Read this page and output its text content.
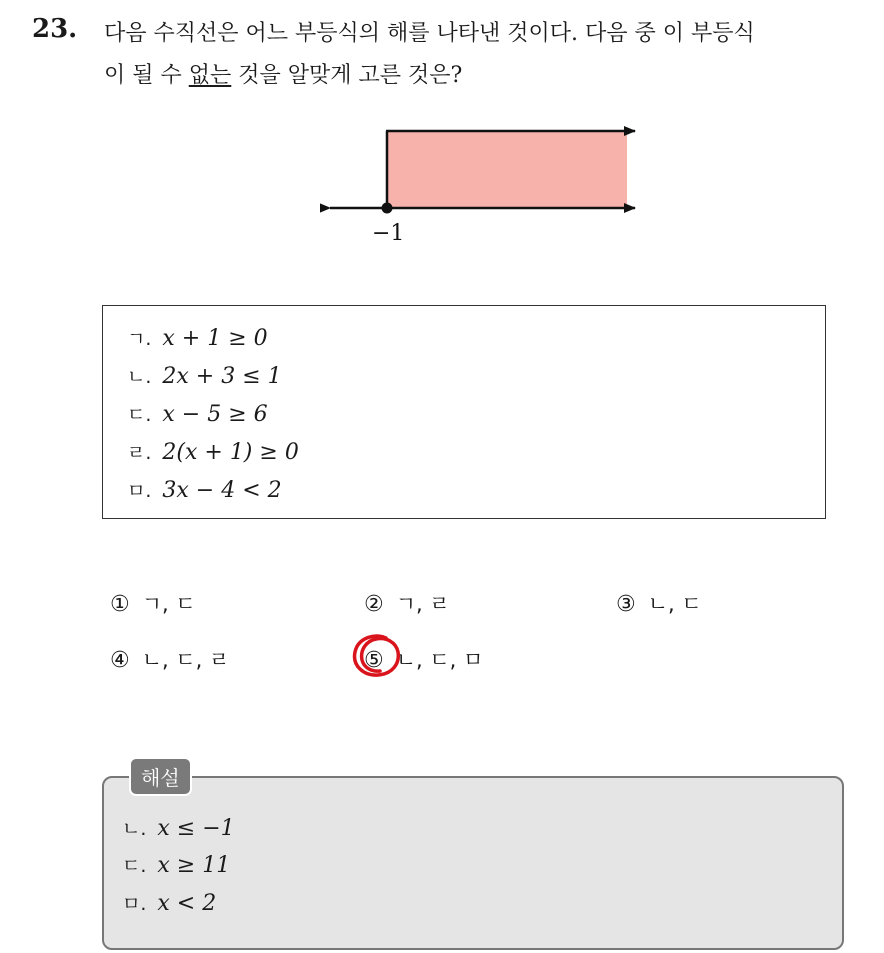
23. 다음 수직선은 어느 부등식의 해를 나타낸 것이다. 다음 중 이 부등식
이 될 수 없는 것을 알맞게 고른 것은?
−1
ㄱ. x + 1 ≥ 0
ㄴ. 2x + 3 ≤ 1
ㄷ. x − 5 ≥ 6
ㄹ. 2(x + 1) ≥ 0
ㅁ. 3x − 4 < 2
① ㄱ, ㄷ	② ㄱ, ㄹ	③ ㄴ, ㄷ
④ ㄴ, ㄷ, ㄹ	⑤ ㄴ, ㄷ, ㅁ
해설
ㄴ. x ≤ −1
ㄷ. x ≥ 11
ㅁ. x < 2
